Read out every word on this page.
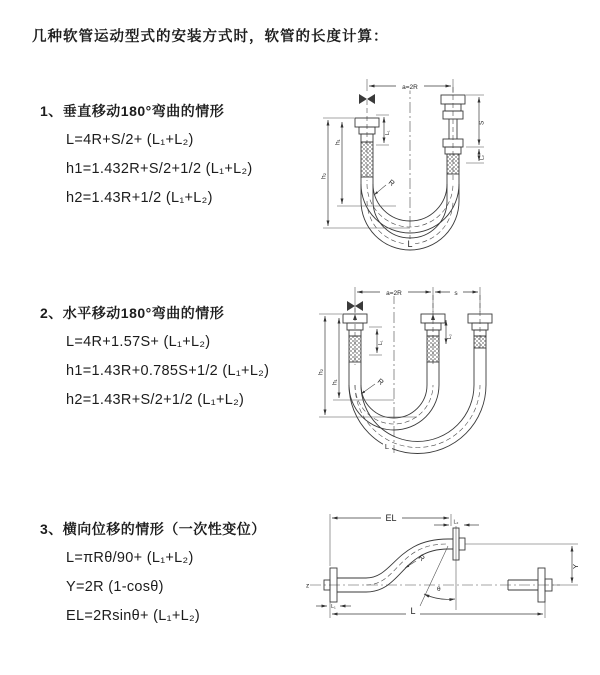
几种软管运动型式的安装方式时，软管的长度计算：
1、垂直移动180°弯曲的情形
L=4R+S/2+ (L₁+L₂)
h1=1.432R+S/2+1/2 (L₁+L₂)
h2=1.43R+1/2 (L₁+L₂)
2、水平移动180°弯曲的情形
L=4R+1.57S+ (L₁+L₂)
h1=1.43R+0.785S+1/2 (L₁+L₂)
h2=1.43R+S/2+1/2 (L₁+L₂)
3、横向位移的情形（一次性变位）
L=πRθ/90+ (L₁+L₂)
Y=2R (1-cosθ)
EL=2Rsinθ+ (L₁+L₂)
a=2R
h₂
h₁
L₁
S
L₂
R
L
a=2R	s
h₂
h₁
L₁
L₂
R
L
z
EL	L₂
Y
L
L₁
θ
R
